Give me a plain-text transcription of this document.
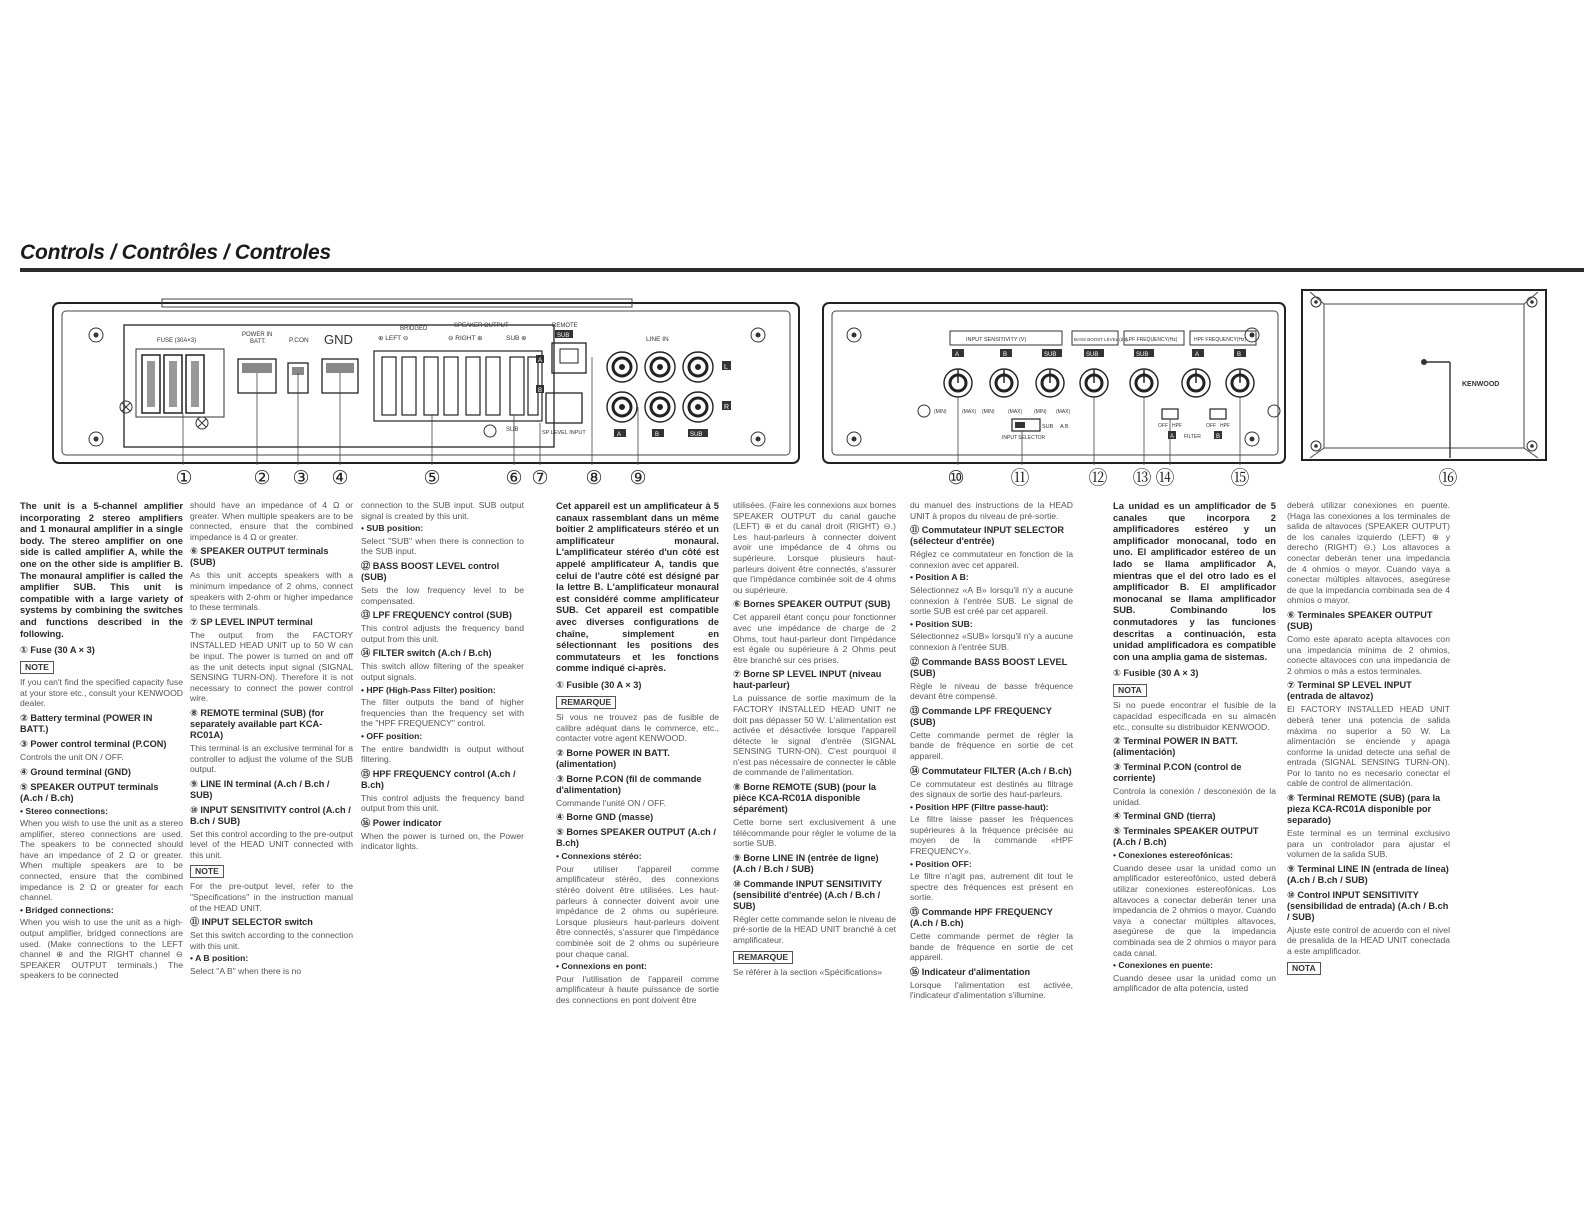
Controls / Contrôles / Controles
FUSE (30A×3)
POWER IN
BATT.	P.CON GND
BRIDGED	SPEAKER OUTPUT
⊕ LEFT ⊖	⊖ RIGHT ⊕	SUB ⊕
REMOTE
SUB
SP LEVEL INPUT
A
B
SUB
LINE IN
L
R
A	B	SUB
INPUT SENSITIVITY (V)	BASS BOOST LEVEL (dB)
LPF FREQUENCY(Hz)	HPF FREQUENCY(Hz)
A	B	SUB	SUB	SUB	A	B
(MIN)	(MAX) (MIN)	(MAX) (MIN) (MAX)
SUB A B
INPUT SELECTOR
OFF HPF	OFF HPF
FILTER
A	B
KENWOOD
①	② ③ ④	⑤	⑥ ⑦ ⑧ ⑨	⑩ ⑪	⑫ ⑬ ⑭	⑮	⑯

The unit is a 5-channel amplifier incorporating 2 stereo amplifiers and 1 monaural amplifier in a single body. The stereo amplifier on one side is called amplifier A, while the one on the other side is amplifier B. The monaural amplifier is called the amplifier SUB. This unit is compatible with a large variety of systems by combining the switches and functions described in the following.

① Fuse (30 A × 3)

NOTE

If you can't find the specified capacity fuse at your store etc., consult your KENWOOD dealer.

② Battery terminal (POWER IN BATT.)

③ Power control terminal (P.CON)

Controls the unit ON / OFF.

④ Ground terminal (GND)

⑤ SPEAKER OUTPUT terminals (A.ch / B.ch)

• Stereo connections:

When you wish to use the unit as a stereo amplifier, stereo connections are used. The speakers to be connected should have an impedance of 2 Ω or greater. When multiple speakers are to be connected, ensure that the combined impedance is 2 Ω or greater for each channel.

• Bridged connections:

When you wish to use the unit as a high-output amplifier, bridged connections are used. (Make connections to the LEFT channel ⊕ and the RIGHT channel ⊖ SPEAKER OUTPUT terminals.) The speakers to be connected

should have an impedance of 4 Ω or greater. When multiple speakers are to be connected, ensure that the combined impedance is 4 Ω or greater.

⑥ SPEAKER OUTPUT terminals (SUB)

As this unit accepts speakers with a minimum impedance of 2 ohms, connect speakers with 2-ohm or higher impedance to these terminals.

⑦ SP LEVEL INPUT terminal

The output from the FACTORY INSTALLED HEAD UNIT up to 50 W can be input. The power is turned on and off as the unit detects input signal (SIGNAL SENSING TURN-ON). Therefore it is not necessary to connect the power control wire.

⑧ REMOTE terminal (SUB) (for separately available part KCA-RC01A)

This terminal is an exclusive terminal for a controller to adjust the volume of the SUB output.

⑨ LINE IN terminal (A.ch / B.ch / SUB)

⑩ INPUT SENSITIVITY control (A.ch / B.ch / SUB)

Set this control according to the pre-output level of the HEAD UNIT connected with this unit.

NOTE

For the pre-output level, refer to the "Specifications" in the instruction manual of the HEAD UNIT.

⑪ INPUT SELECTOR switch

Set this switch according to the connection with this unit.

• A B position:

Select "A B" when there is no

connection to the SUB input. SUB output signal is created by this unit.

• SUB position:

Select "SUB" when there is connection to the SUB input.

⑫ BASS BOOST LEVEL control (SUB)

Sets the low frequency level to be compensated.

⑬ LPF FREQUENCY control (SUB)

This control adjusts the frequency band output from this unit.

⑭ FILTER switch (A.ch / B.ch)

This switch allow filtering of the speaker output signals.

• HPF (High-Pass Filter) position:

The filter outputs the band of higher frequencies than the frequency set with the "HPF FREQUENCY" control.

• OFF position:

The entire bandwidth is output without filtering.

⑮ HPF FREQUENCY control (A.ch / B.ch)

This control adjusts the frequency band output from this unit.

⑯ Power indicator

When the power is turned on, the Power indicator lights.

Cet appareil est un amplificateur à 5 canaux rassemblant dans un même boîtier 2 amplificateurs stéréo et un amplificateur monaural. L'amplificateur stéréo d'un côté est appelé amplificateur A, tandis que celui de l'autre côté est désigné par la lettre B. L'amplificateur monaural est considéré comme amplificateur SUB. Cet appareil est compatible avec diverses configurations de chaîne, simplement en sélectionnant les positions des commutateurs et les fonctions comme indiqué ci-après.

① Fusible (30 A × 3)

REMARQUE

Si vous ne trouvez pas de fusible de calibre adéquat dans le commerce, etc., contacter votre agent KENWOOD.

② Borne POWER IN BATT. (alimentation)

③ Borne P.CON (fil de commande d'alimentation)

Commande l'unité ON / OFF.

④ Borne GND (masse)

⑤ Bornes SPEAKER OUTPUT (A.ch / B.ch)

• Connexions stéréo:

Pour utiliser l'appareil comme amplificateur stéréo, des connexions stéréo doivent être utilisées. Les haut-parleurs à connecter doivent avoir une impédance de 2 ohms ou supérieure. Lorsque plusieurs haut-parleurs doivent être connectés, s'assurer que l'impédance combinée soit de 2 ohms ou supérieure pour chaque canal.

• Connexions en pont:

Pour l'utilisation de l'appareil comme amplificateur à haute puissance de sortie des connections en pont doivent être

utilisées. (Faire les connexions aux bornes SPEAKER OUTPUT du canal gauche (LEFT) ⊕ et du canal droit (RIGHT) ⊖.) Les haut-parleurs à connecter doivent avoir une impédance de 4 ohms ou supérieure. Lorsque plusieurs haut-parleurs doivent être connectés, s'assurer que l'impédance combinée soit de 4 ohms ou supérieure.

⑥ Bornes SPEAKER OUTPUT (SUB)

Cet appareil étant conçu pour fonctionner avec une impédance de charge de 2 Ohms, tout haut-parleur dont l'impédance est égale ou supérieure à 2 Ohms peut être branché sur ces prises.

⑦ Borne SP LEVEL INPUT (niveau haut-parleur)

La puissance de sortie maximum de la FACTORY INSTALLED HEAD UNIT ne doit pas dépasser 50 W. L'alimentation est activée et désactivée lorsque l'appareil détecte le signal d'entrée (SIGNAL SENSING TURN-ON). C'est pourquoi il n'est pas nécessaire de connecter le câble de commande de l'alimentation.

⑧ Borne REMOTE (SUB) (pour la pièce KCA-RC01A disponible séparément)

Cette borne sert exclusivement à une télécommande pour régler le volume de la sortie SUB.

⑨ Borne LINE IN (entrée de ligne) (A.ch / B.ch / SUB)

⑩ Commande INPUT SENSITIVITY (sensibilité d'entrée) (A.ch / B.ch / SUB)

Régler cette commande selon le niveau de pré-sortie de la HEAD UNIT branché à cet amplificateur.

REMARQUE

Se référer à la section «Spécifications»

du manuel des instructions de la HEAD UNIT à propos du niveau de pré-sortie.

⑪ Commutateur INPUT SELECTOR (sélecteur d'entrée)

Réglez ce commutateur en fonction de la connexion avec cet appareil.

• Position A B:

Sélectionnez «A B» lorsqu'il n'y a aucune connexion à l'entrée SUB. Le signal de sortie SUB est créé par cet appareil.

• Position SUB:

Sélectionnez «SUB» lorsqu'il n'y a aucune connexion à l'entrée SUB.

⑫ Commande BASS BOOST LEVEL (SUB)

Règle le niveau de basse fréquence devant être compensé.

⑬ Commande LPF FREQUENCY (SUB)

Cette commande permet de régler la bande de fréquence en sortie de cet appareil.

⑭ Commutateur FILTER (A.ch / B.ch)

Ce commutateur est destinés au filtrage des signaux de sortie des haut-parleurs.

• Position HPF (Filtre passe-haut):

Le filtre laisse passer les fréquences supérieures à la fréquence précisée au moyen de la commande «HPF FREQUENCY».

• Position OFF:

Le filtre n'agit pas, autrement dit tout le spectre des fréquences est présent en sortie.

⑮ Commande HPF FREQUENCY (A.ch / B.ch)

Cette commande permet de régler la bande de fréquence en sortie de cet appareil.

⑯ Indicateur d'alimentation

Lorsque l'alimentation est activée, l'indicateur d'alimentation s'illumine.

La unidad es un amplificador de 5 canales que incorpora 2 amplificadores estéreo y un amplificador monocanal, todo en uno. El amplificador estéreo de un lado se llama amplificador A, mientras que el del otro lado es el amplificador B. El amplificador monocanal se llama amplificador SUB. Combinando los conmutadores y las funciones descritas a continuación, esta unidad amplificadora es compatible con una amplia gama de sistemas.

① Fusible (30 A × 3)

NOTA

Si no puede encontrar el fusible de la capacidad especificada en su almacén etc., consulte su distribuidor KENWOOD.

② Terminal POWER IN BATT. (alimentación)

③ Terminal P.CON (control de corriente)

Controla la conexión / desconexión de la unidad.

④ Terminal GND (tierra)

⑤ Terminales SPEAKER OUTPUT (A.ch / B.ch)

• Conexiones estereofónicas:

Cuando desee usar la unidad como un amplificador estereofónico, usted deberá utilizar conexiones estereofónicas. Los altavoces a conectar deberán tener una impedancia de 2 ohmios o mayor. Cuando vaya a conectar múltiples altavoces, asegúrese de que la impedancia combinada sea de 2 ohmios o mayor para cada canal.

• Conexiones en puente:

Cuando desee usar la unidad como un amplificador de alta potencia, usted

deberá utilizar conexiones en puente. (Haga las conexiones a los terminales de salida de altavoces (SPEAKER OUTPUT) de los canales izquierdo (LEFT) ⊕ y derecho (RIGHT) ⊖.) Los altavoces a conectar deberán tener una impedancia de 4 ohmios o mayor. Cuando vaya a conectar múltiples altavoces, asegúrese de que la impedancia combinada sea de 4 ohmios o mayor.

⑥ Terminales SPEAKER OUTPUT (SUB)

Como este aparato acepta altavoces con una impedancia mínima de 2 ohmios, conecte altavoces con una impedancia de 2 ohmios o más a estos terminales.

⑦ Terminal SP LEVEL INPUT (entrada de altavoz)

El FACTORY INSTALLED HEAD UNIT deberá tener una potencia de salida máxima no superior a 50 W. La alimentación se enciende y apaga conforme la unidad detecte una señal de entrada (SIGNAL SENSING TURN-ON). Por lo tanto no es necesario conectar el cable de control de alimentación.

⑧ Terminal REMOTE (SUB) (para la pieza KCA-RC01A disponible por separado)

Este terminal es un terminal exclusivo para un controlador para ajustar el volumen de la salida SUB.

⑨ Terminal LINE IN (entrada de línea) (A.ch / B.ch / SUB)

⑩ Control INPUT SENSITIVITY (sensibilidad de entrada) (A.ch / B.ch / SUB)

Ajuste este control de acuerdo con el nivel de presalida de la HEAD UNIT conectada a este amplificador.

NOTA
